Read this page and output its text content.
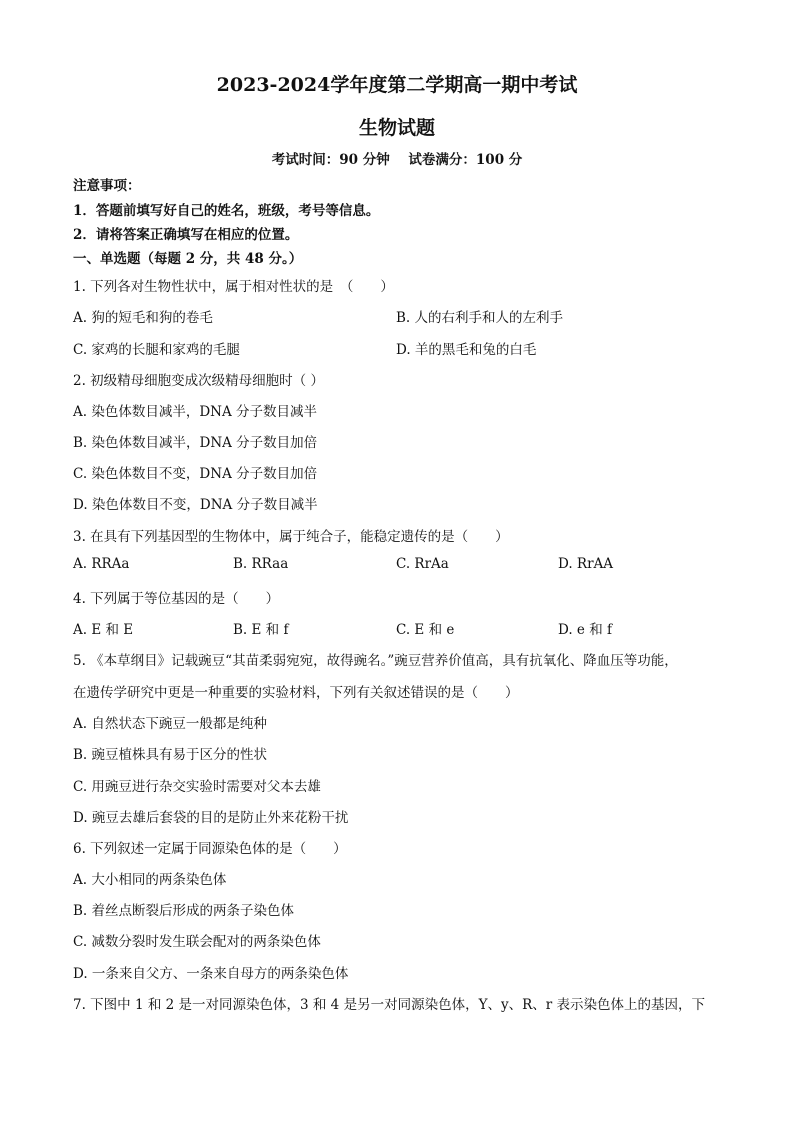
2023-2024学年度第二学期高一期中考试
生物试题
考试时间：90 分钟 试卷满分：100 分
注意事项：
1．答题前填写好自己的姓名，班级，考号等信息。
2．请将答案正确填写在相应的位置。
一、单选题（每题 2 分，共 48 分。）
1. 下列各对生物性状中，属于相对性状的是　（　　）
A. 狗的短毛和狗的卷毛	B. 人的右利手和人的左利手
C. 家鸡的长腿和家鸡的毛腿	D. 羊的黑毛和兔的白毛
2. 初级精母细胞变成次级精母细胞时（ ）
A. 染色体数目减半，DNA 分子数目减半
B. 染色体数目减半，DNA 分子数目加倍
C. 染色体数目不变，DNA 分子数目加倍
D. 染色体数目不变，DNA 分子数目减半
3. 在具有下列基因型的生物体中，属于纯合子，能稳定遗传的是（　　）
A. RRAa	B. RRaa	C. RrAa	D. RrAA
4. 下列属于等位基因的是（　　）
A. E 和 E	B. E 和 f	C. E 和 e	D. e 和 f
5. 《本草纲目》记载豌豆“其苗柔弱宛宛，故得豌名。”豌豆营养价值高，具有抗氧化、降血压等功能，
在遗传学研究中更是一种重要的实验材料，下列有关叙述错误的是（　　）
A. 自然状态下豌豆一般都是纯种
B. 豌豆植株具有易于区分的性状
C. 用豌豆进行杂交实验时需要对父本去雄
D. 豌豆去雄后套袋的目的是防止外来花粉干扰
6. 下列叙述一定属于同源染色体的是（　　）
A. 大小相同的两条染色体
B. 着丝点断裂后形成的两条子染色体
C. 减数分裂时发生联会配对的两条染色体
D. 一条来自父方、一条来自母方的两条染色体
7. 下图中 1 和 2 是一对同源染色体，3 和 4 是另一对同源染色体，Y、y、R、r 表示染色体上的基因，下
